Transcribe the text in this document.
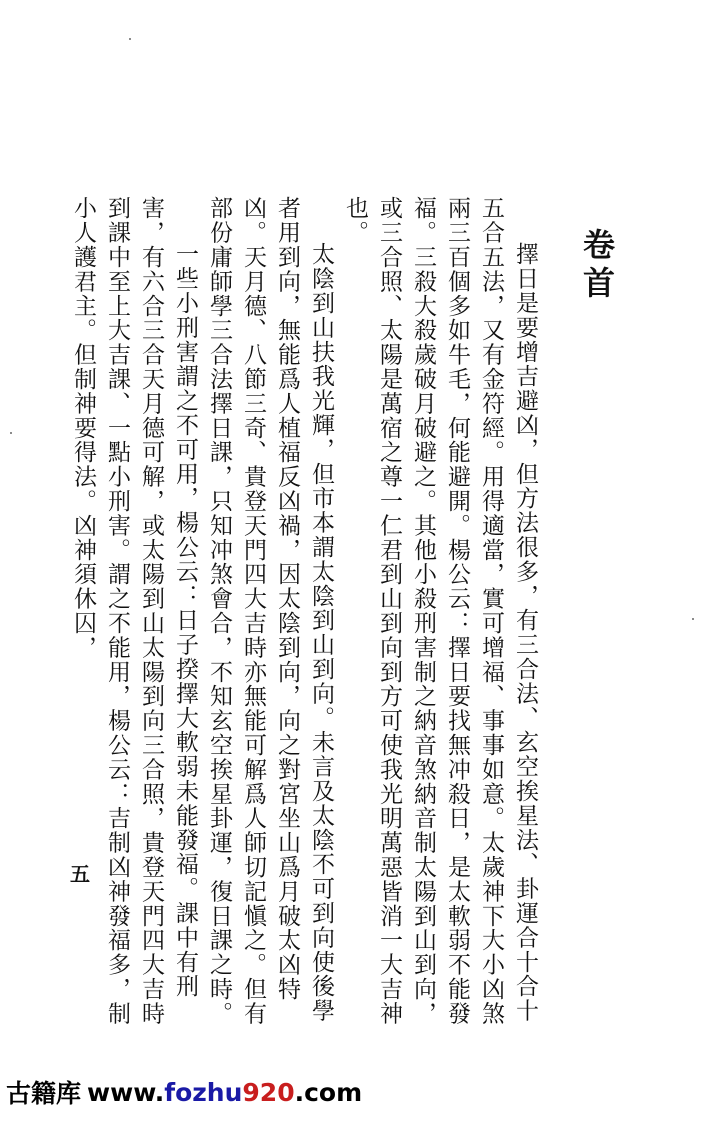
卷首

擇日是要增吉避凶，但方法很多，有三合法、玄空挨星法、卦運合十合十五合五法，又有金符經。用得適當，實可增福、事事如意。太歲神下大小凶煞兩三百個多如牛毛，何能避開。楊公云：擇日要找無冲殺日，是太軟弱不能發福。三殺大殺歲破月破避之。其他小殺刑害制之納音煞納音制太陽到山到向，或三合照、太陽是萬宿之尊一仁君到山到向到方可使我光明萬惡皆消一大吉神也。

太陰到山扶我光輝，但市本謂太陰到山到向。未言及太陰不可到向使後學者用到向，無能爲人植福反凶禍，因太陰到向，向之對宮坐山爲月破太凶特凶。天月德、八節三奇、貴登天門四大吉時亦無能可解爲人師切記愼之。但有部份庸師學三合法擇日課，只知冲煞會合，不知玄空挨星卦運，復日課之時。

一些小刑害謂之不可用，楊公云：日子揆擇大軟弱未能發福。課中有刑害，有六合三合天月德可解，或太陽到山太陽到向三合照，貴登天門四大吉時到課中至上大吉課、一點小刑害。謂之不能用，楊公云：吉制凶神發福多，制小人護君主。但制神要得法。凶神須休囚，

五
古籍库 www. fozhu 920 .com
